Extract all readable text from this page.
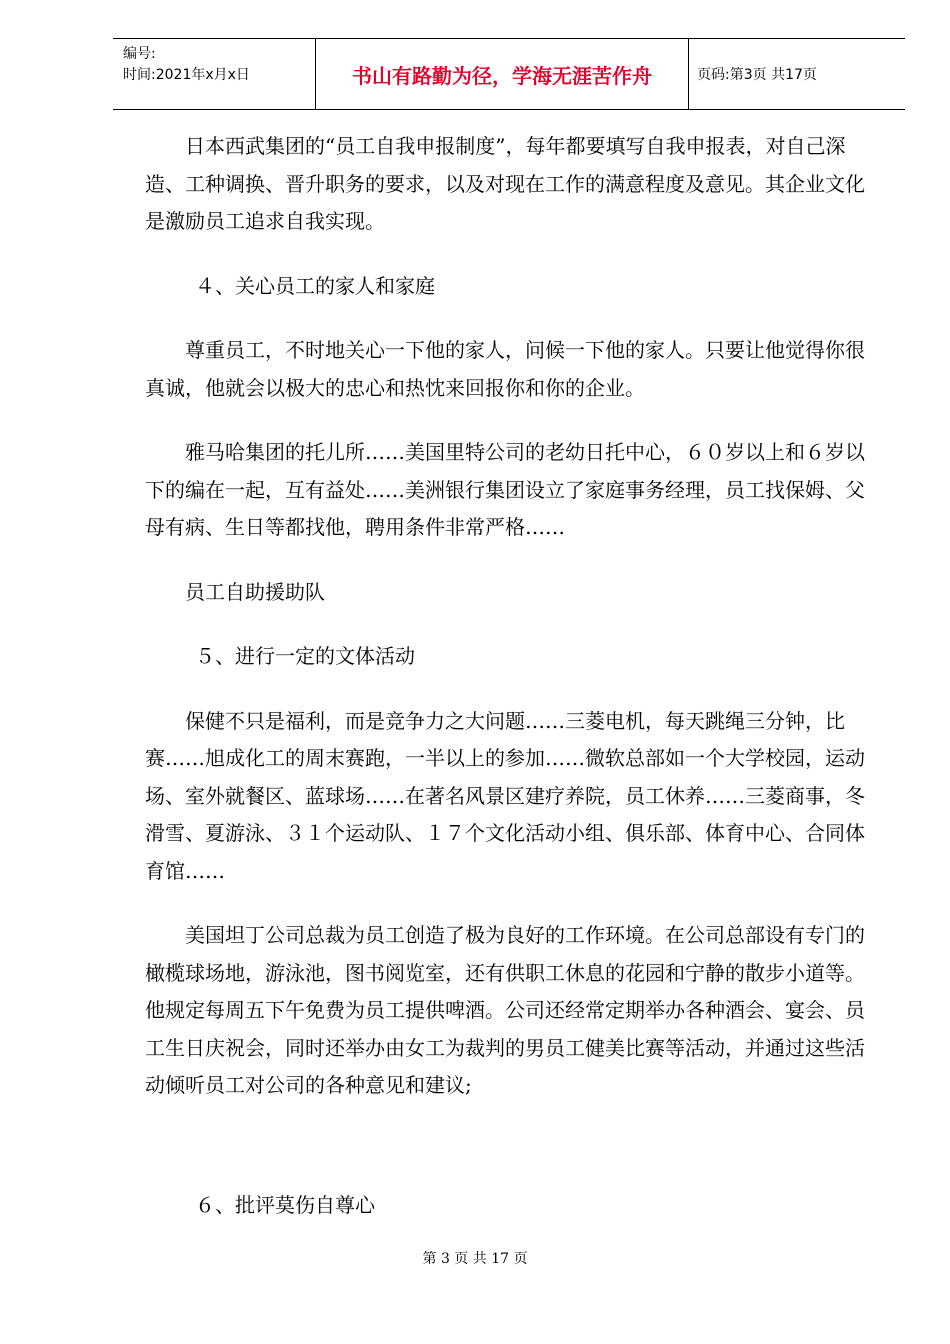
编号:
时间:2021年x月x日	书山有路勤为径，学海无涯苦作舟	页码:第3页 共17页

日本西武集团的“员工自我申报制度”，每年都要填写自我申报表，对自己深造、工种调换、晋升职务的要求，以及对现在工作的满意程度及意见。其企业文化是激励员工追求自我实现。

４、关心员工的家人和家庭

尊重员工，不时地关心一下他的家人，问候一下他的家人。只要让他觉得你很真诚，他就会以极大的忠心和热忱来回报你和你的企业。

雅马哈集团的托儿所……美国里特公司的老幼日托中心，６０岁以上和６岁以下的编在一起，互有益处……美洲银行集团设立了家庭事务经理，员工找保姆、父母有病、生日等都找他，聘用条件非常严格……

员工自助援助队

５、进行一定的文体活动

保健不只是福利，而是竞争力之大问题……三菱电机，每天跳绳三分钟，比赛……旭成化工的周末赛跑，一半以上的参加……微软总部如一个大学校园，运动场、室外就餐区、蓝球场……在著名风景区建疗养院，员工休养……三菱商事，冬滑雪、夏游泳、３１个运动队、１７个文化活动小组、俱乐部、体育中心、合同体育馆……

美国坦丁公司总裁为员工创造了极为良好的工作环境。在公司总部设有专门的橄榄球场地，游泳池，图书阅览室，还有供职工休息的花园和宁静的散步小道等。他规定每周五下午免费为员工提供啤酒。公司还经常定期举办各种酒会、宴会、员工生日庆祝会，同时还举办由女工为裁判的男员工健美比赛等活动，并通过这些活动倾听员工对公司的各种意见和建议;

６、批评莫伤自尊心

第 3 页 共 17 页
